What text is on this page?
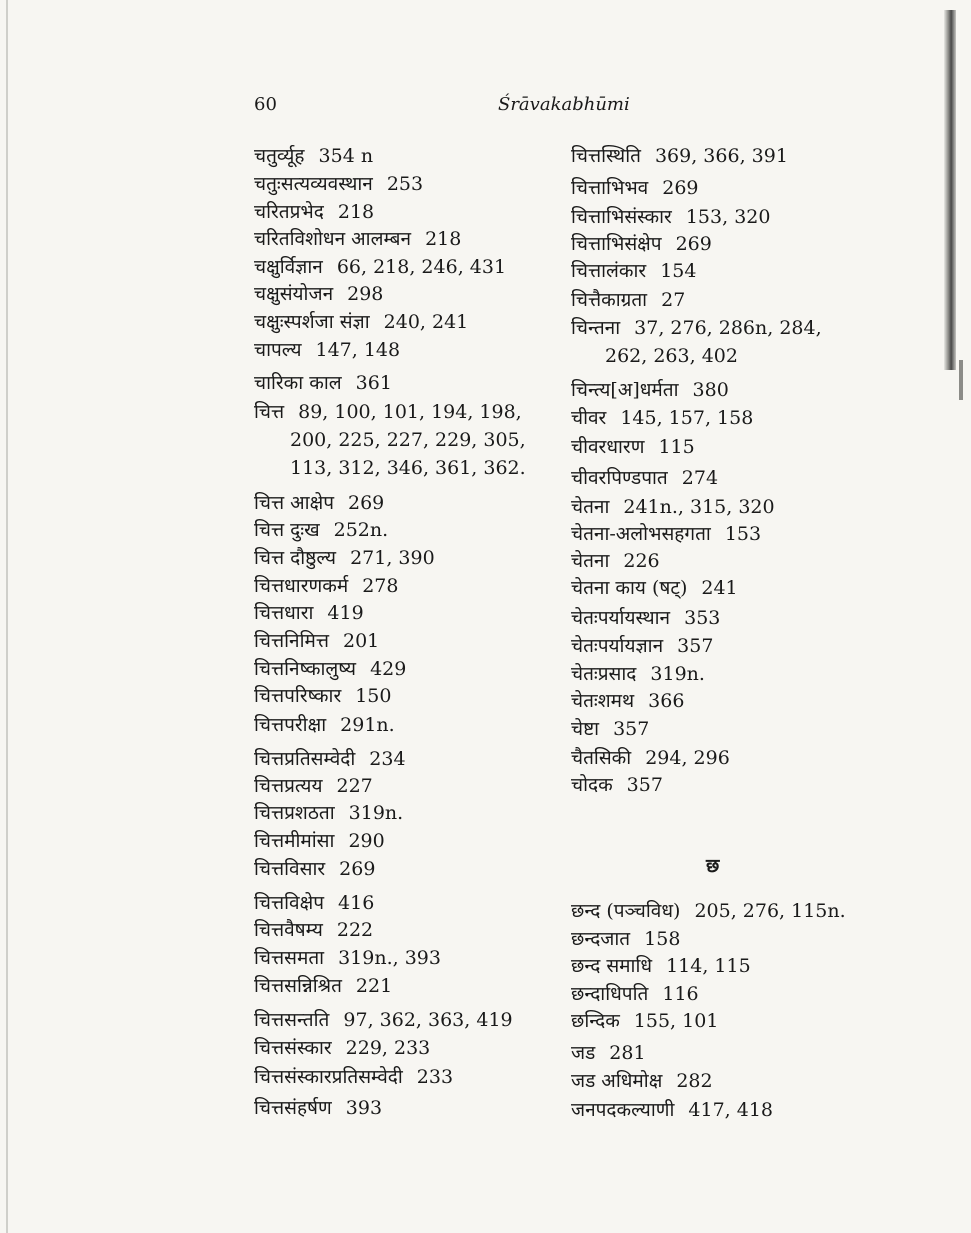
60	Śrāvakabhūmi
चतुर्व्यूह 354 n
चतुःसत्यव्यवस्थान 253
चरितप्रभेद 218
चरितविशोधन आलम्बन 218
चक्षुर्विज्ञान 66, 218, 246, 431
चक्षुसंयोजन 298
चक्षुःस्पर्शजा संज्ञा 240, 241
चापल्य 147, 148
चारिका काल 361
चित्त 89, 100, 101, 194, 198,
200, 225, 227, 229, 305,
113, 312, 346, 361, 362.
चित्त आक्षेप 269
चित्त दुःख 252n.
चित्त दौष्ठुल्य 271, 390
चित्तधारणकर्म 278
चित्तधारा 419
चित्तनिमित्त 201
चित्तनिष्कालुष्य 429
चित्तपरिष्कार 150
चित्तपरीक्षा 291n.
चित्तप्रतिसम्वेदी 234
चित्तप्रत्यय 227
चित्तप्रशठता 319n.
चित्तमीमांसा 290
चित्तविसार 269
चित्तविक्षेप 416
चित्तवैषम्य 222
चित्तसमता 319n., 393
चित्तसन्निश्रित 221
चित्तसन्तति 97, 362, 363, 419
चित्तसंस्कार 229, 233
चित्तसंस्कारप्रतिसम्वेदी 233
चित्तसंहर्षण 393
चित्तस्थिति 369, 366, 391
चित्ताभिभव 269
चित्ताभिसंस्कार 153, 320
चित्ताभिसंक्षेप 269
चित्तालंकार 154
चित्तैकाग्रता 27
चिन्तना 37, 276, 286n, 284,
262, 263, 402
चिन्त्य[अ]धर्मता 380
चीवर 145, 157, 158
चीवरधारण 115
चीवरपिण्डपात 274
चेतना 241n., 315, 320
चेतना-अलोभसहगता 153
चेतना 226
चेतना काय (षट्) 241
चेतःपर्यायस्थान 353
चेतःपर्यायज्ञान 357
चेतःप्रसाद 319n.
चेतःशमथ 366
चेष्टा 357
चैतसिकी 294, 296
चोदक 357
छन्द (पञ्चविध) 205, 276, 115n.
छन्दजात 158
छन्द समाधि 114, 115
छन्दाधिपति 116
छन्दिक 155, 101
जड 281
जड अधिमोक्ष 282
जनपदकल्याणी 417, 418
छ
